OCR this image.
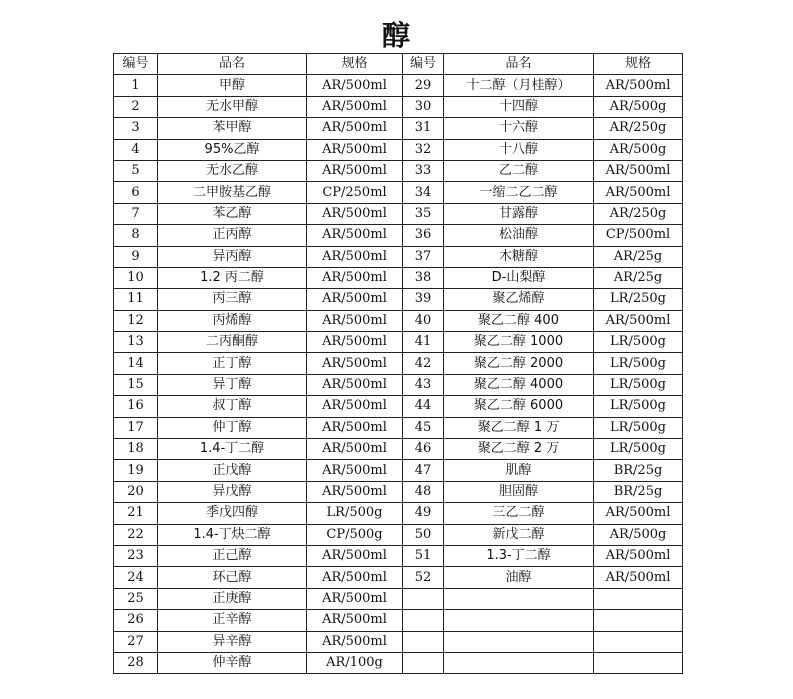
醇
编号	品名	规格	编号	品名	规格
1	甲醇	AR/500ml	29	十二醇（月桂醇）	AR/500ml
2	无水甲醇	AR/500ml	30	十四醇	AR/500g
3	苯甲醇	AR/500ml	31	十六醇	AR/250g
4	95%乙醇	AR/500ml	32	十八醇	AR/500g
5	无水乙醇	AR/500ml	33	乙二醇	AR/500ml
6	二甲胺基乙醇	CP/250ml	34	一缩二乙二醇	AR/500ml
7	苯乙醇	AR/500ml	35	甘露醇	AR/250g
8	正丙醇	AR/500ml	36	松油醇	CP/500ml
9	异丙醇	AR/500ml	37	木糖醇	AR/25g
10	1.2 丙二醇	AR/500ml	38	D-山梨醇	AR/25g
11	丙三醇	AR/500ml	39	聚乙烯醇	LR/250g
12	丙烯醇	AR/500ml	40	聚乙二醇 400	AR/500ml
13	二丙酮醇	AR/500ml	41	聚乙二醇 1000	LR/500g
14	正丁醇	AR/500ml	42	聚乙二醇 2000	LR/500g
15	异丁醇	AR/500ml	43	聚乙二醇 4000	LR/500g
16	叔丁醇	AR/500ml	44	聚乙二醇 6000	LR/500g
17	仲丁醇	AR/500ml	45	聚乙二醇 1 万	LR/500g
18	1.4-丁二醇	AR/500ml	46	聚乙二醇 2 万	LR/500g
19	正戊醇	AR/500ml	47	肌醇	BR/25g
20	异戊醇	AR/500ml	48	胆固醇	BR/25g
21	季戊四醇	LR/500g	49	三乙二醇	AR/500ml
22	1.4-丁炔二醇	CP/500g	50	新戊二醇	AR/500g
23	正己醇	AR/500ml	51	1.3-丁二醇	AR/500ml
24	环己醇	AR/500ml	52	油醇	AR/500ml
25	正庚醇	AR/500ml			
26	正辛醇	AR/500ml			
27	异辛醇	AR/500ml			
28	仲辛醇	AR/100g			
